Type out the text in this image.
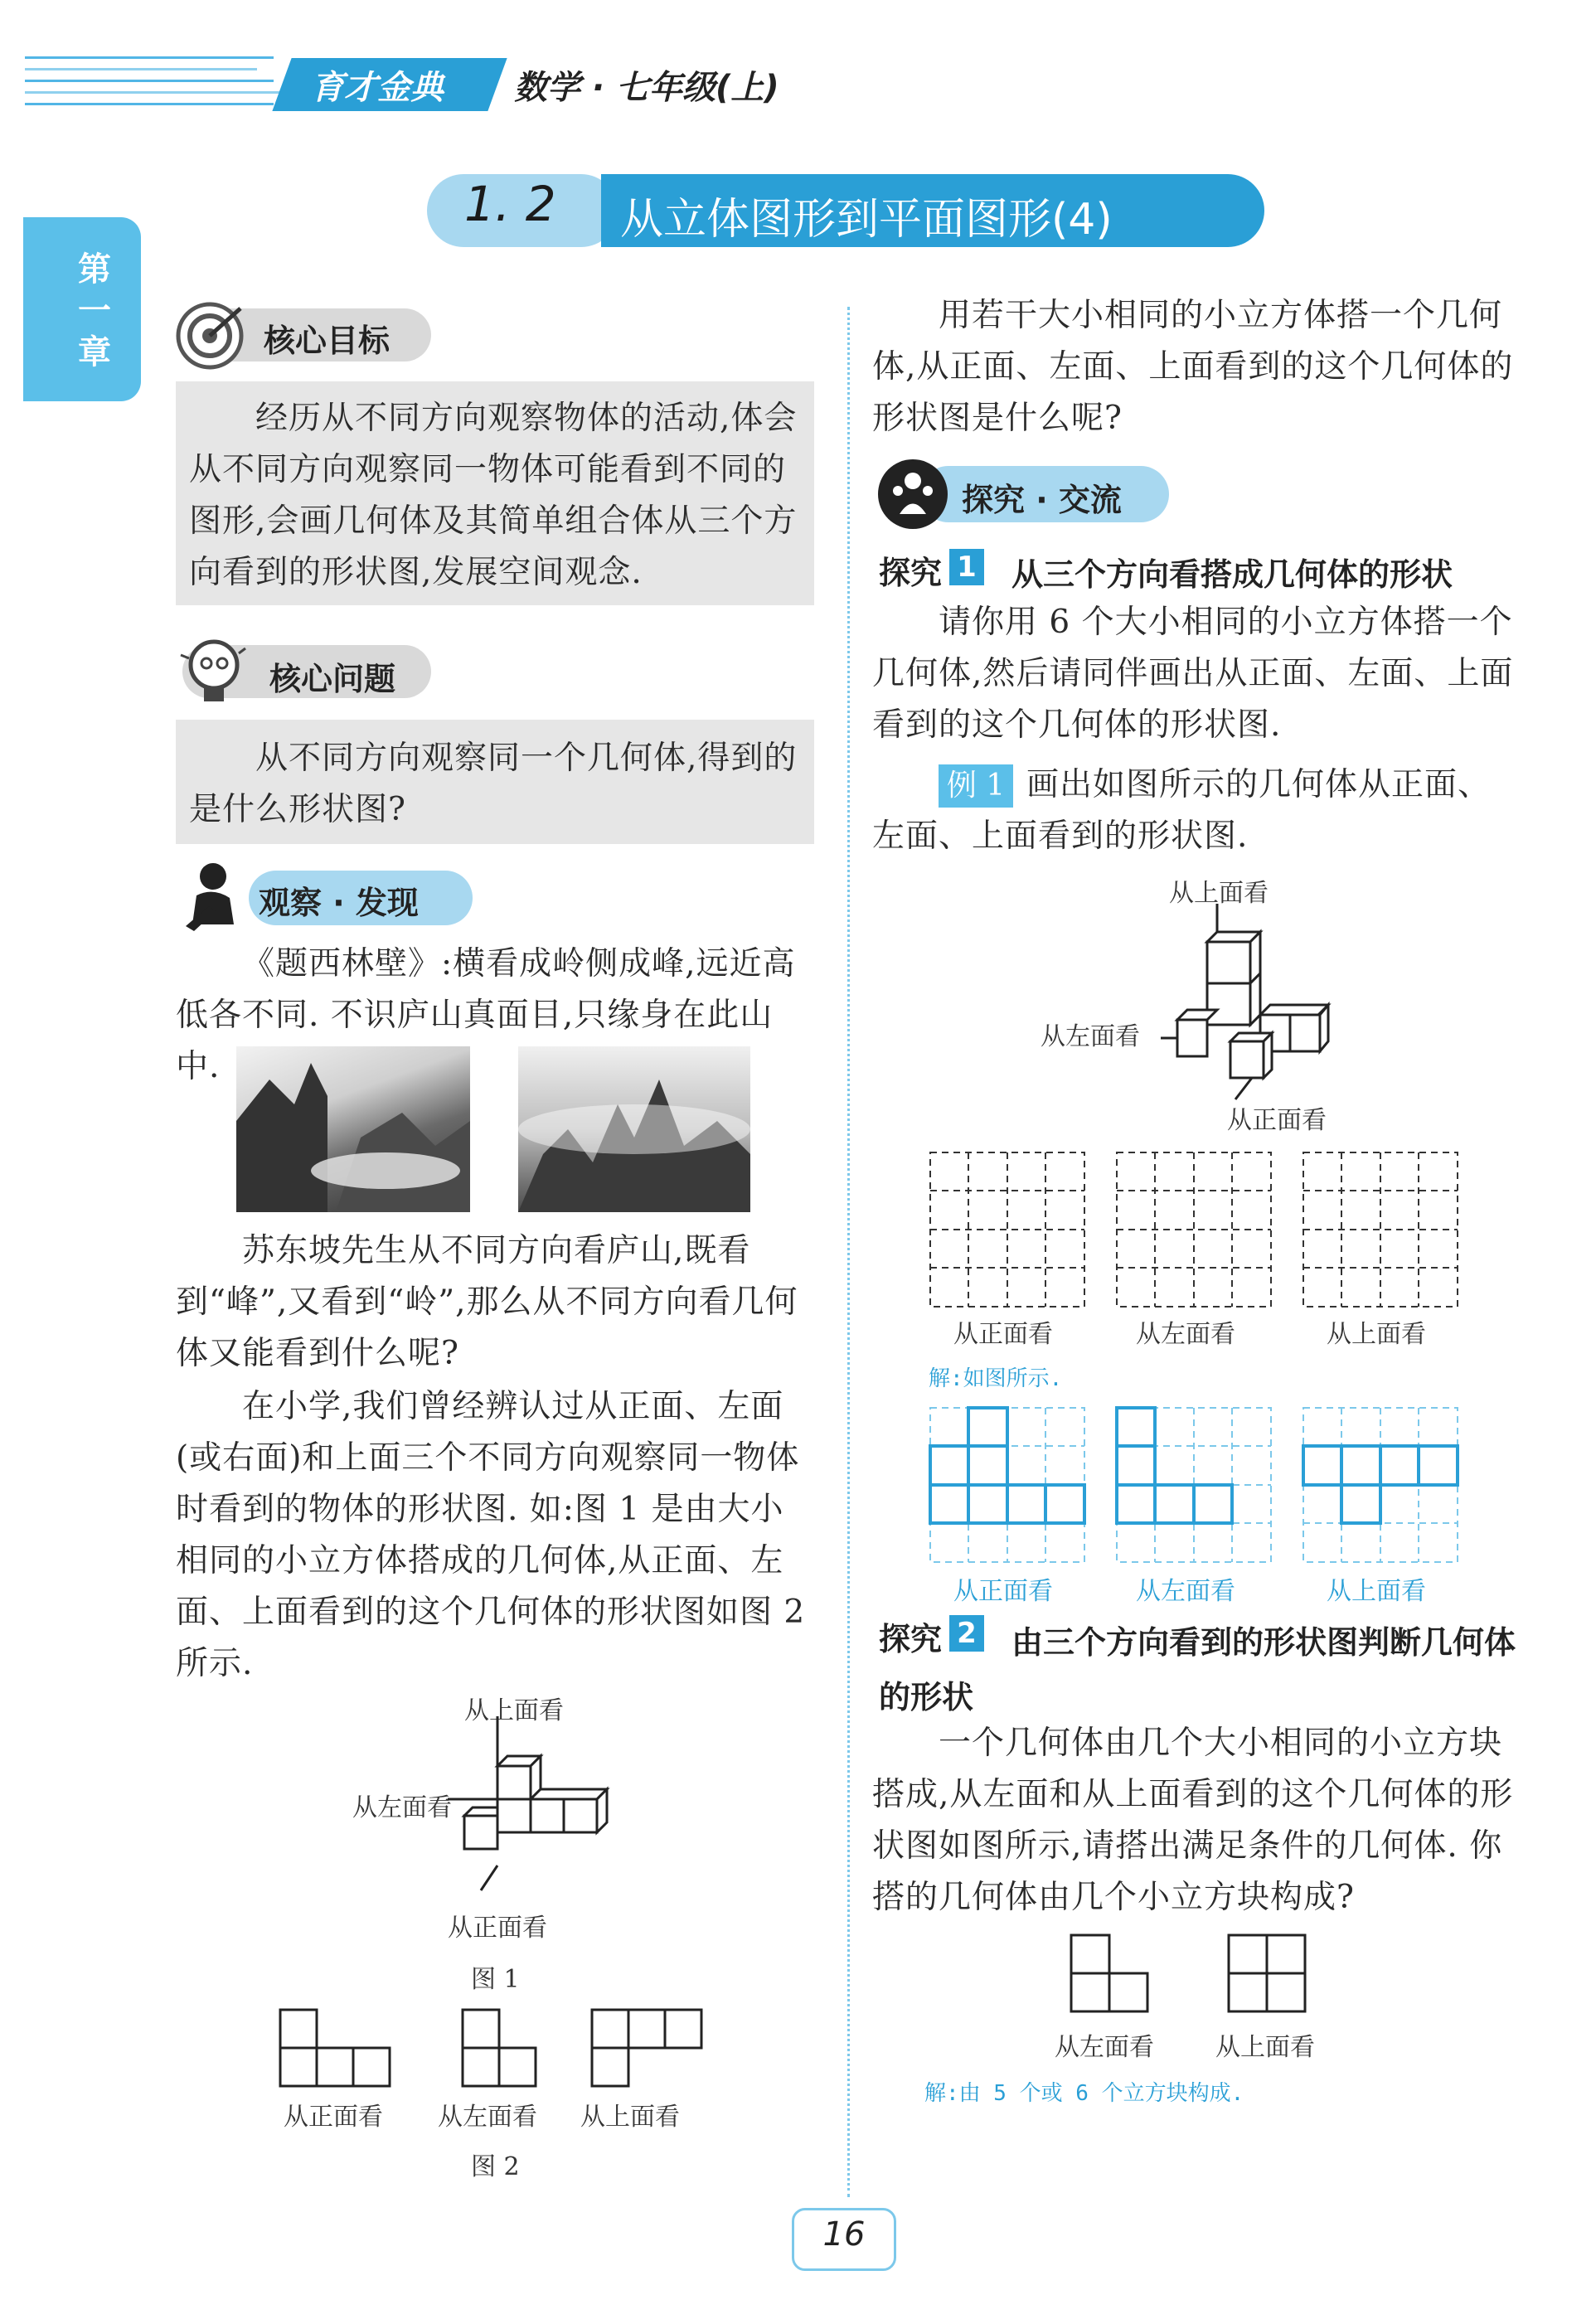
育才金典 数学 · 七年级(上)
第一章
1. 2 从立体图形到平面图形(4)
核心目标
经历从不同方向观察物体的活动,体会从不同方向观察同一物体可能看到不同的图形,会画几何体及其简单组合体从三个方向看到的形状图,发展空间观念.
核心问题
从不同方向观察同一个几何体,得到的是什么形状图?
观察 · 发现
《题西林壁》:横看成岭侧成峰,远近高低各不同. 不识庐山真面目,只缘身在此山中.
苏东坡先生从不同方向看庐山,既看到“峰”,又看到“岭”,那么从不同方向看几何体又能看到什么呢?
在小学,我们曾经辨认过从正面、左面(或右面)和上面三个不同方向观察同一物体时看到的物体的形状图. 如:图 1 是由大小相同的小立方体搭成的几何体,从正面、左面、上面看到的这个几何体的形状图如图 2 所示.
从上面看
从左面看
从正面看
图 1
从正面看 从左面看 从上面看
图 2
用若干大小相同的小立方体搭一个几何体,从正面、左面、上面看到的这个几何体的形状图是什么呢?
探究 · 交流
探究 1 从三个方向看搭成几何体的形状
请你用 6 个大小相同的小立方体搭一个几何体,然后请同伴画出从正面、左面、上面看到的这个几何体的形状图.
例 1 画出如图所示的几何体从正面、左面、上面看到的形状图.
从上面看
从左面看
从正面看
从正面看	从左面看	从上面看
解:如图所示.
从正面看	从左面看	从上面看
探究 2	由三个方向看到的形状图判断几何体的形状
一个几何体由几个大小相同的小立方块搭成,从左面和从上面看到的这个几何体的形状图如图所示,请搭出满足条件的几何体. 你搭的几何体由几个小立方块构成?
从左面看 从上面看
解:由 5 个或 6 个立方块构成.
16
